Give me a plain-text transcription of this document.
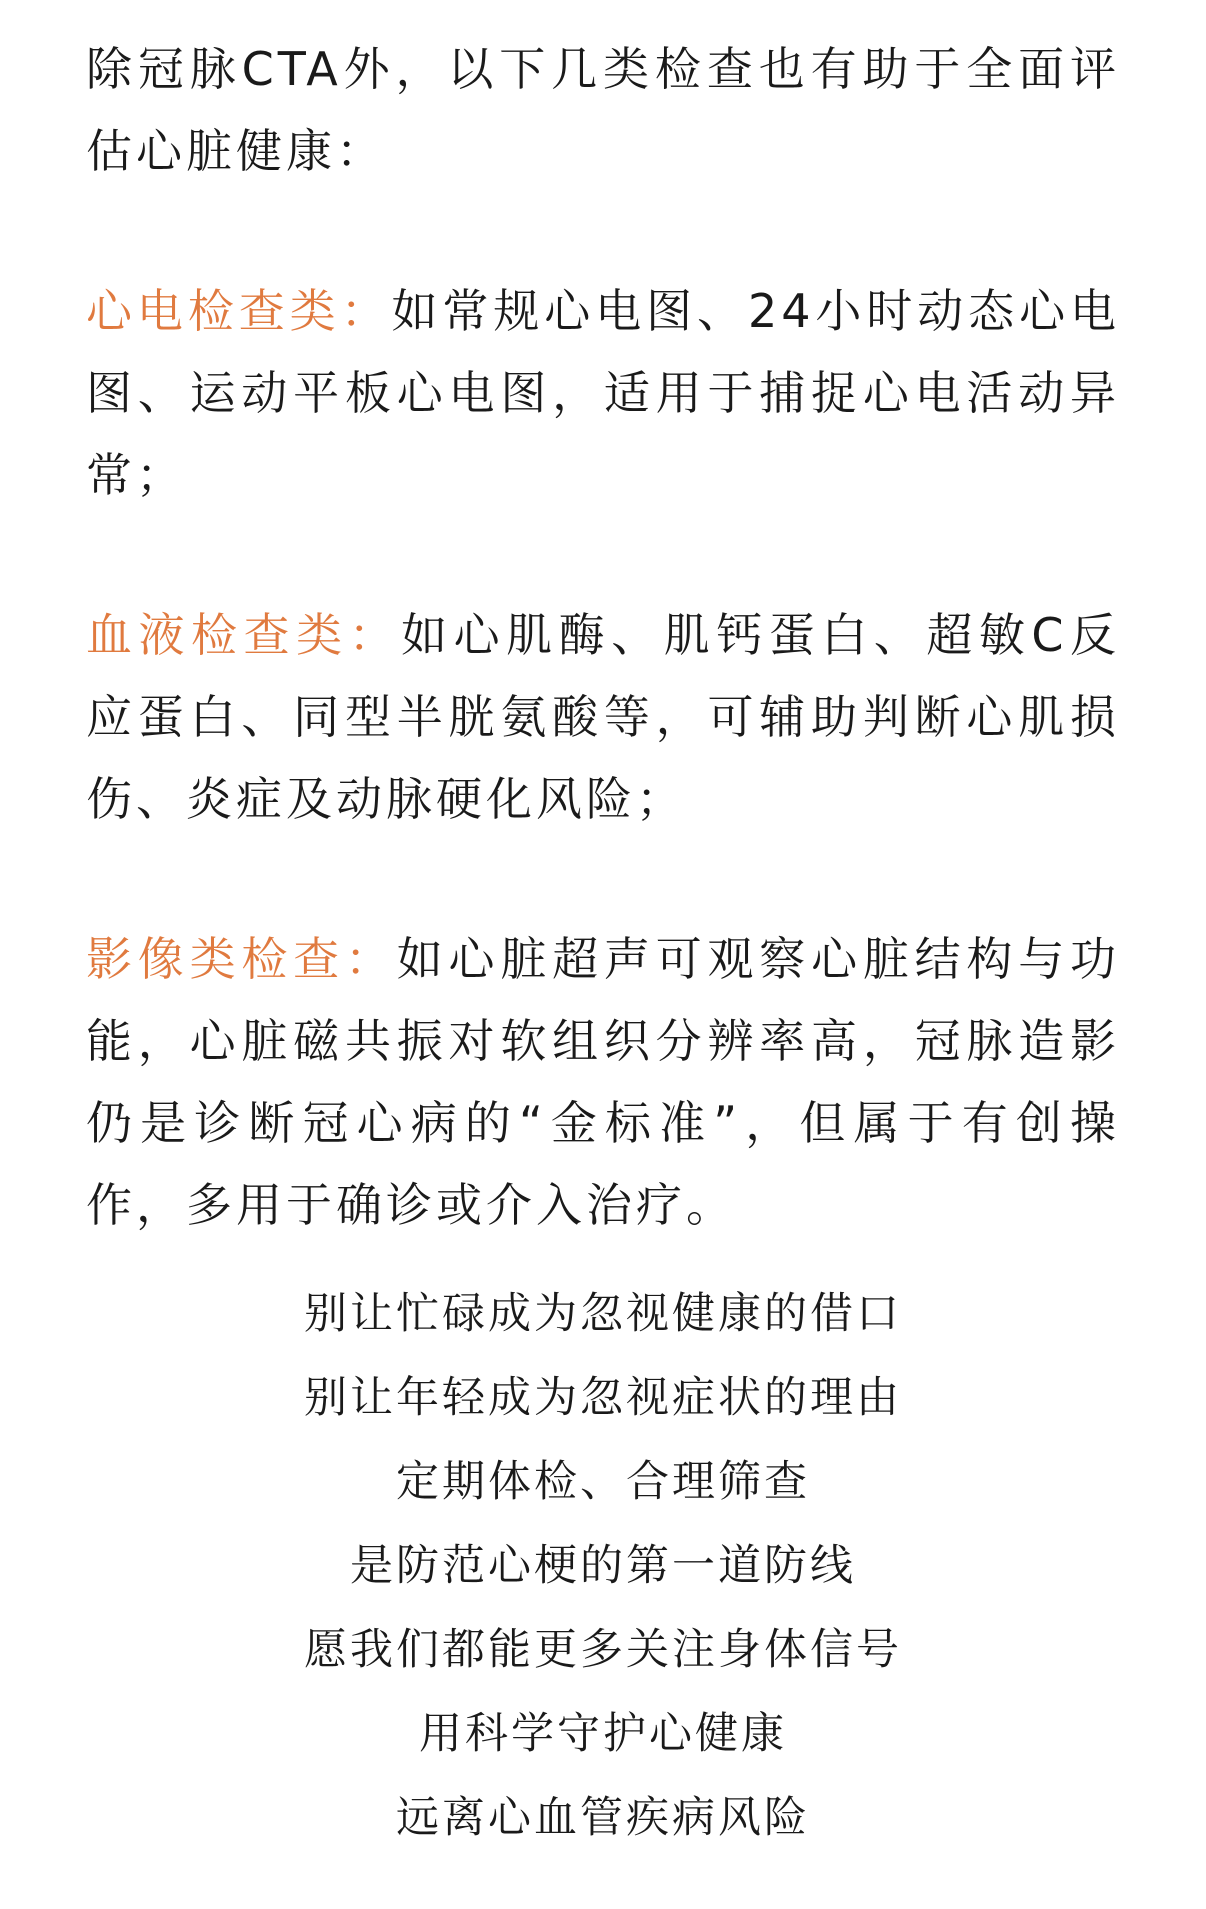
除冠脉CTA外，以下几类检查也有助于全面评估心脏健康：

心电检查类：如常规心电图、24小时动态心电图、运动平板心电图，适用于捕捉心电活动异常；

血液检查类：如心肌酶、肌钙蛋白、超敏C反应蛋白、同型半胱氨酸等，可辅助判断心肌损伤、炎症及动脉硬化风险；

影像类检查：如心脏超声可观察心脏结构与功能，心脏磁共振对软组织分辨率高，冠脉造影仍是诊断冠心病的“金标准”，但属于有创操作，多用于确诊或介入治疗。

别让忙碌成为忽视健康的借口

别让年轻成为忽视症状的理由

定期体检、合理筛查

是防范心梗的第一道防线

愿我们都能更多关注身体信号

用科学守护心健康

远离心血管疾病风险
